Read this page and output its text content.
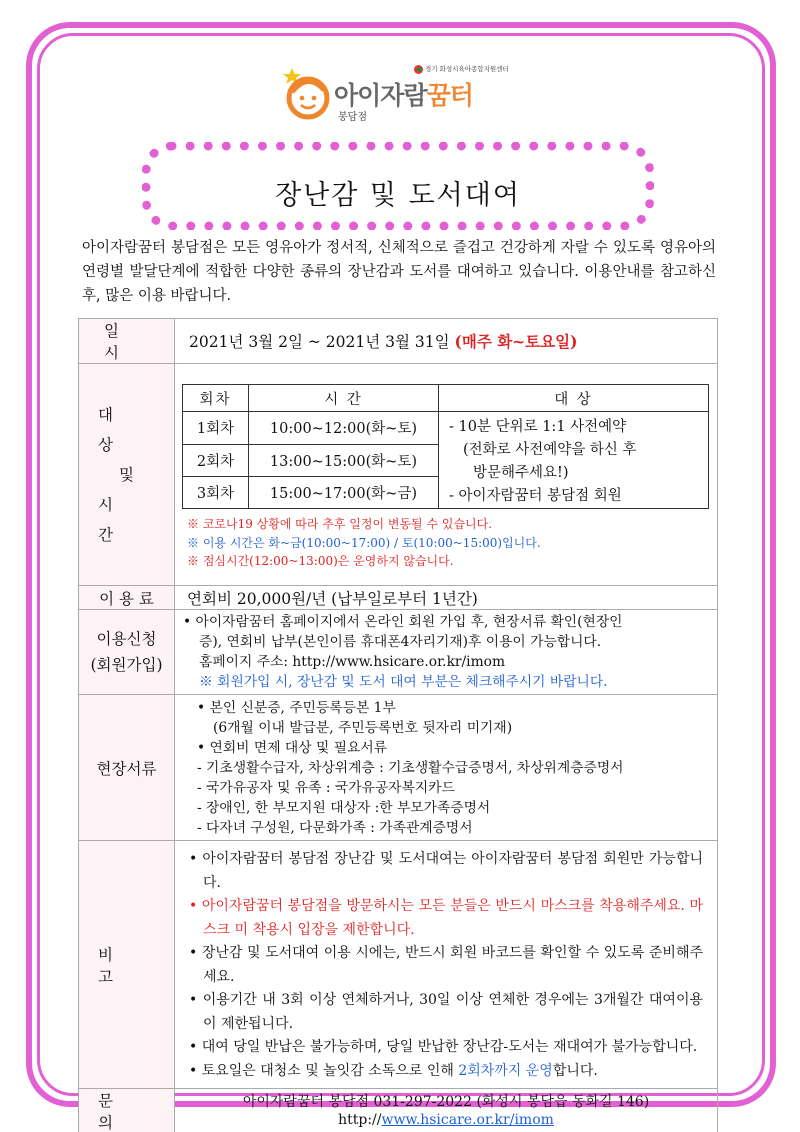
경기 화성시육아종합지원센터
아이자람꿈터
봉담점
장난감 및 도서대여
아이자람꿈터 봉담점은 모든 영유아가 정서적, 신체적으로 즐겁고 건강하게 자랄 수 있도록 영유아의 연령별 발달단계에 적합한 다양한 종류의 장난감과 도서를 대여하고 있습니다. 이용안내를 참고하신 후, 많은 이용 바랍니다.
일 시	2021년 3월 2일 ~ 2021년 3월 31일 (매주 화~토요일)

대 상
및
시 간

회차	시 간	대 상
1회차	10:00~12:00(화~토)	- 10분 단위로 1:1 사전예약
(전화로 사전예약을 하신 후
방문해주세요!)
- 아이자람꿈터 봉담점 회원

2회차	13:00~15:00(화~토)
3회차	15:00~17:00(화~금)
※ 코로나19 상황에 따라 추후 일정이 변동될 수 있습니다.
※ 이용 시간은 화~금(10:00~17:00) / 토(10:00~15:00)입니다.
※ 점심시간(12:00~13:00)은 운영하지 않습니다.

이 용 료	연회비 20,000원/년 (납부일로부터 1년간)

이용신청
(회원가입)

• 아이자람꿈터 홈페이지에서 온라인 회원 가입 후, 현장서류 확인(현장인
증), 연회비 납부(본인이름 휴대폰4자리기재)후 이용이 가능합니다.
홈페이지 주소: http://www.hsicare.or.kr/imom
※ 회원가입 시, 장난감 및 도서 대여 부분은 체크해주시기 바랍니다.

현장서류	
• 본인 신분증, 주민등록등본 1부
(6개월 이내 발급분, 주민등록번호 뒷자리 미기재)
• 연회비 면제 대상 및 필요서류
- 기초생활수급자, 차상위계층 : 기초생활수급증명서, 차상위계층증명서
- 국가유공자 및 유족 : 국가유공자복지카드
- 장애인, 한 부모지원 대상자 :한 부모가족증명서
- 다자녀 구성원, 다문화가족 : 가족관계증명서

비 고	

• 아이자람꿈터 봉담점 장난감 및 도서대여는 아이자람꿈터 봉담점 회원만 가능합니다.

• 아이자람꿈터 봉담점을 방문하시는 모든 분들은 반드시 마스크를 착용해주세요. 마스크 미 착용시 입장을 제한합니다.

• 장난감 및 도서대여 이용 시에는, 반드시 회원 바코드를 확인할 수 있도록 준비해주세요.

• 이용기간 내 3회 이상 연체하거나, 30일 이상 연체한 경우에는 3개월간 대여이용이 제한됩니다.

• 대여 당일 반납은 불가능하며, 당일 반납한 장난감-도서는 재대여가 불가능합니다.

• 토요일은 대청소 및 놀잇감 소독으로 인해 2회차까지 운영합니다.

문 의	
아이자람꿈터 봉담점 031-297-2022 (화성시 봉담읍 동화길 146)
http://www.hsicare.or.kr/imom
